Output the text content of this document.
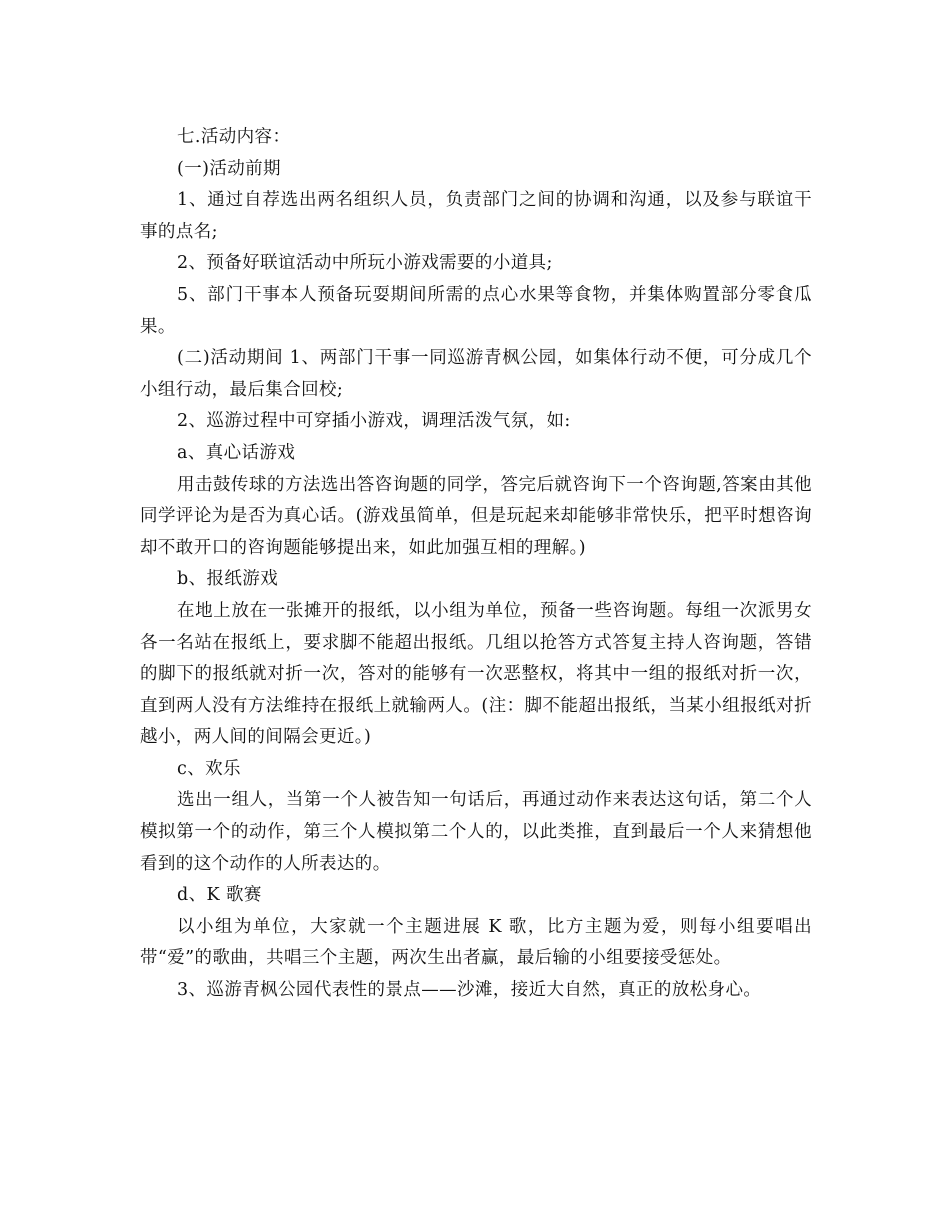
七.活动内容：

(一)活动前期

1、通过自荐选出两名组织人员，负责部门之间的协调和沟通，以及参与联谊干事的点名;

2、预备好联谊活动中所玩小游戏需要的小道具;

5、部门干事本人预备玩耍期间所需的点心水果等食物，并集体购置部分零食瓜果。

(二)活动期间 1、两部门干事一同巡游青枫公园，如集体行动不便，可分成几个小组行动，最后集合回校;

2、巡游过程中可穿插小游戏，调理活泼气氛，如:

a、真心话游戏

用击鼓传球的方法选出答咨询题的同学，答完后就咨询下一个咨询题,答案由其他同学评论为是否为真心话。(游戏虽简单，但是玩起来却能够非常快乐，把平时想咨询却不敢开口的咨询题能够提出来，如此加强互相的理解。)

b、报纸游戏

在地上放在一张摊开的报纸，以小组为单位，预备一些咨询题。每组一次派男女各一名站在报纸上，要求脚不能超出报纸。几组以抢答方式答复主持人咨询题，答错的脚下的报纸就对折一次，答对的能够有一次恶整权，将其中一组的报纸对折一次，直到两人没有方法维持在报纸上就输两人。(注：脚不能超出报纸，当某小组报纸对折越小，两人间的间隔会更近。)

c、欢乐

选出一组人，当第一个人被告知一句话后，再通过动作来表达这句话，第二个人模拟第一个的动作，第三个人模拟第二个人的，以此类推，直到最后一个人来猜想他看到的这个动作的人所表达的。

d、K 歌赛

以小组为单位，大家就一个主题进展 K 歌，比方主题为爱，则每小组要唱出带“爱”的歌曲，共唱三个主题，两次生出者赢，最后输的小组要接受惩处。

3、巡游青枫公园代表性的景点——沙滩，接近大自然，真正的放松身心。
